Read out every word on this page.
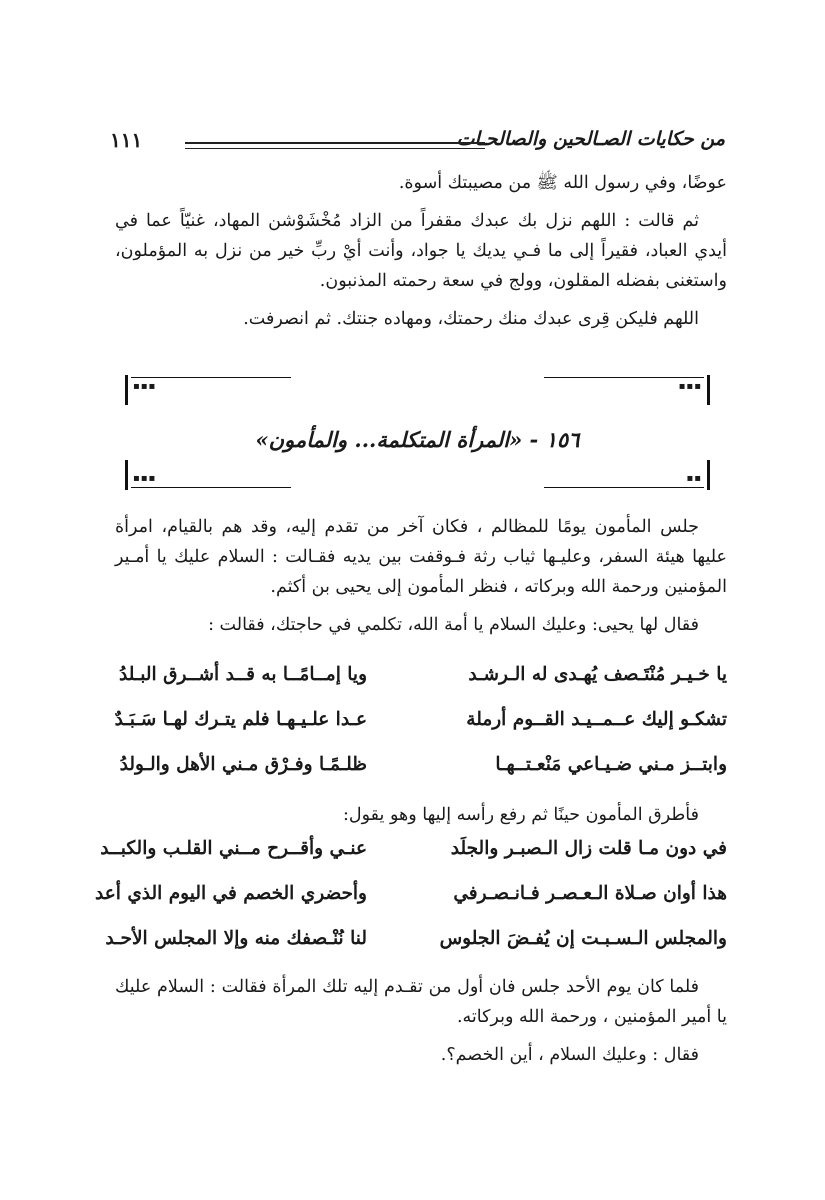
من حكايات الصـالحين والصالحـات
١١١

عوضًا، وفي رسول الله ﷺ من مصيبتك أسوة.

ثم قالت : اللهم نزل بك عبدك مقفراً من الزاد مُخْشَوْشن المهاد، غنيّاً عما في أيدي العباد، فقيراً إلى ما فـي يديك يا جواد، وأنت أيْ ربِّ خير من نزل به المؤملون، واستغنى بفضله المقلون، وولج في سعة رحمته المذنبون.

اللهم فليكن قِرى عبدك منك رحمتك، ومهاده جنتك. ثم انصرفت.

▪▪▪
▪▪▪
١٥٦ - «المرأة المتكلمة... والمأمون»
▪▪
▪▪▪

جلس المأمون يومًا للمظالم ، فكان آخر من تقدم إليه، وقد هم بالقيام، امرأة عليها هيئة السفر، وعليـها ثياب رثة فـوقفت بين يديه فقـالت : السلام عليك يا أمـير المؤمنين ورحمة الله وبركاته ، فنظر المأمون إلى يحيى بن أكثم.

فقال لها يحيى: وعليك السلام يا أمة الله، تكلمي في حاجتك، فقالت :

يا خـيـر مُنْتَـصف يُهـدى له الـرشـد
ويا إمــامًــا به قــد أشــرق البـلدُ
تشكـو إليك عــمــيـد القــوم أرملة
عـدا علـيـهـا فلم يتـرك لهـا سَـبَـدٌ
وابتــز مـني ضـيـاعي مَنْعـتــهـا
ظلـمًـا وفـرْق مـني الأهل والـولدُ

فأطرق المأمون حينًا ثم رفع رأسه إليها وهو يقول:

في دون مـا قلت زال الـصبـر والجلَد
عنـي وأقــرح مــني القلـب والكبــد
هذا أوان صـلاة الـعـصـر فـانـصـرفي
وأحضري الخصم في اليوم الذي أعد
والمجلس الـسـبـت إن يُفـضَ الجلوس
لنا نُنْـصفك منه وإلا المجلس الأحـد

فلما كان يوم الأحد جلس فان أول من تقـدم إليه تلك المرأة فقالت : السلام عليك يا أمير المؤمنين ، ورحمة الله وبركاته.

فقال : وعليك السلام ، أين الخصم؟.
